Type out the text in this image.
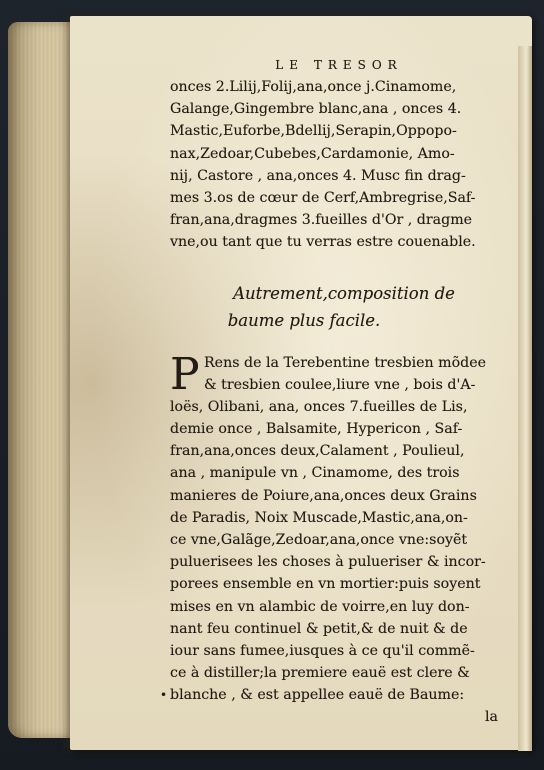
LE TRESOR
onces 2.Lilij,Folij,ana,once j.Cinamome,
Galange,Gingembre blanc,ana , onces 4.
Mastic,Euforbe,Bdellij,Serapin,Oppopo-
nax,Zedoar,Cubebes,Cardamonie, Amo-
nij, Castore , ana,onces 4. Musc fin drag-
mes 3.os de cœur de Cerf,Ambregrise,Saf-
fran,ana,dragmes 3.fueilles d'Or , dragme
vne,ou tant que tu verras estre couenable.
Autrement,composition de
baume plus facile.
P Rens de la Terebentine tresbien mõdee
& tresbien coulee,liure vne , bois d'A-
loës, Olibani, ana, onces 7.fueilles de Lis,
demie once , Balsamite, Hypericon , Saf-
fran,ana,onces deux,Calament , Poulieul,
ana , manipule vn , Cinamome, des trois
manieres de Poiure,ana,onces deux Grains
de Paradis, Noix Muscade,Mastic,ana,on-
ce vne,Galãge,Zedoar,ana,once vne:soyẽt
puluerisees les choses à pulueriser & incor-
porees ensemble en vn mortier:puis soyent
mises en vn alambic de voirre,en luy don-
nant feu continuel & petit,& de nuit & de
iour sans fumee,iusques à ce qu'il commẽ-
ce à distiller;la premiere eauë est clere &
• blanche , & est appellee eauë de Baume:
la
